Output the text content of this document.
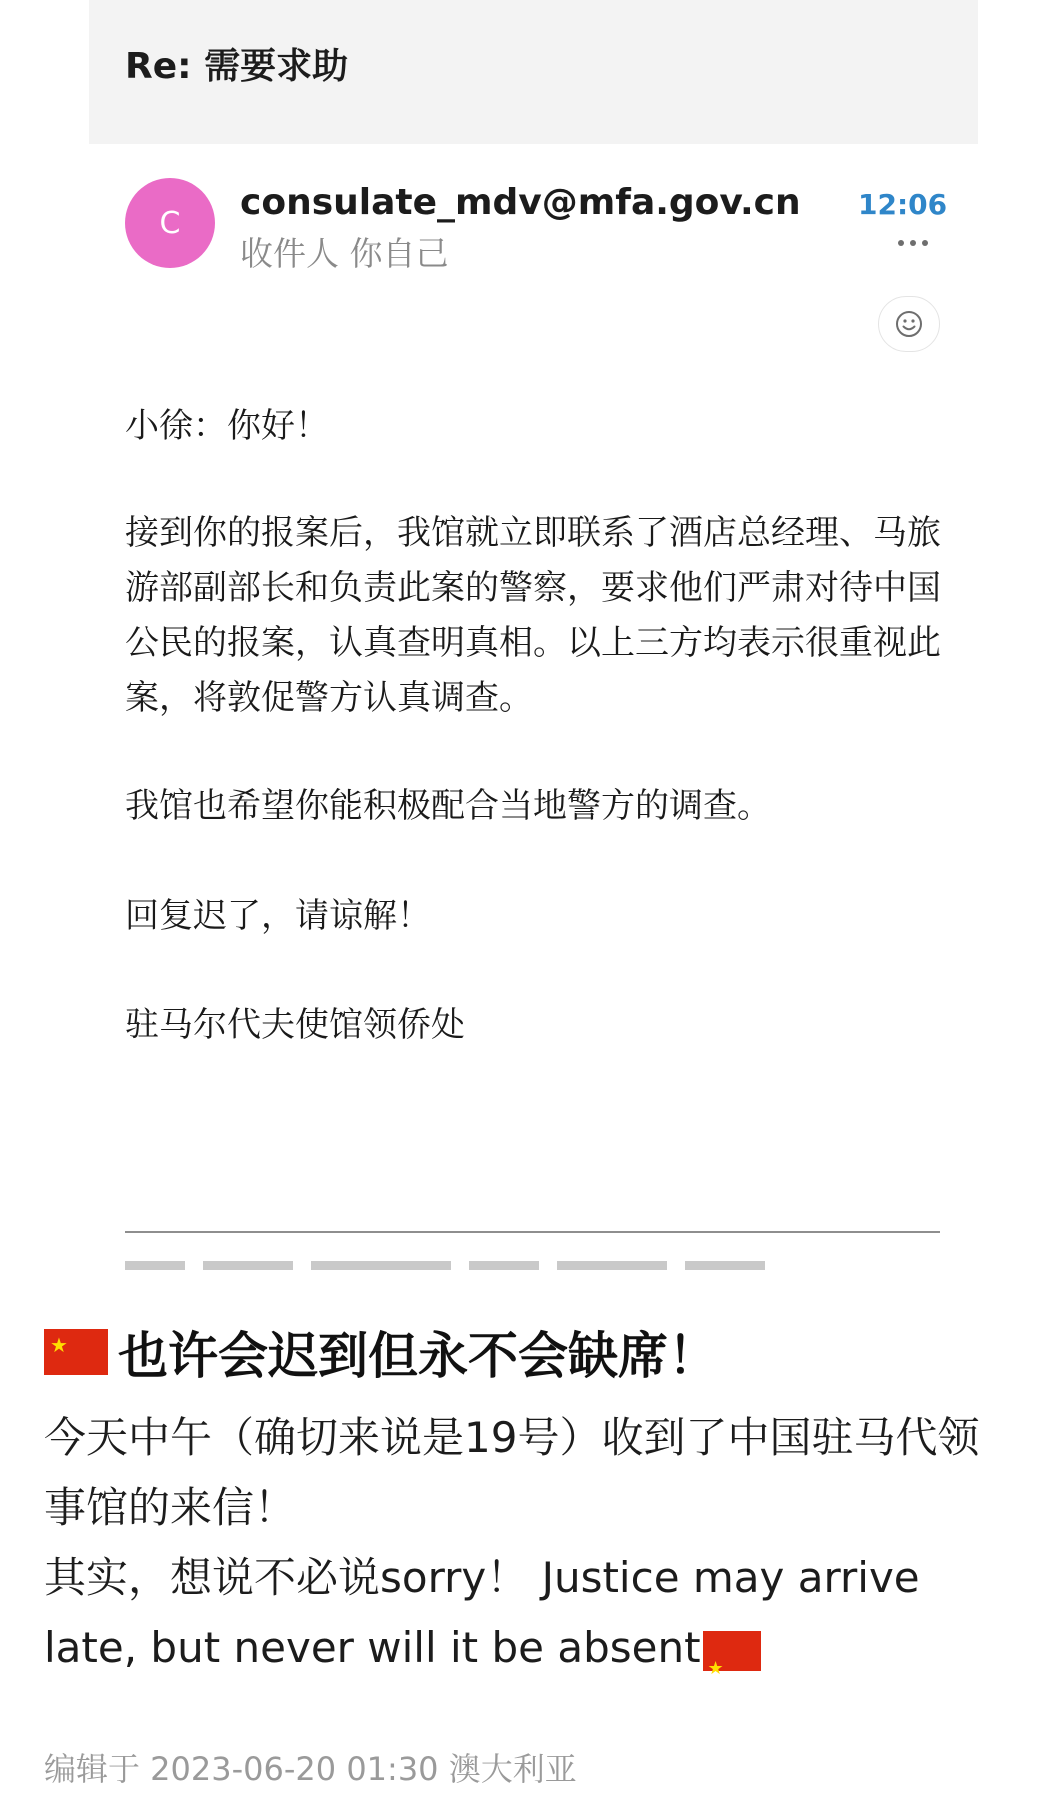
Re: 需要求助
C consulate_mdv@mfa.gov.cn
收件人 你自己
12:06
小徐：你好！
接到你的报案后，我馆就立即联系了酒店总经理、马旅游部副部长和负责此案的警察，要求他们严肃对待中国公民的报案，认真查明真相。以上三方均表示很重视此案，将敦促警方认真调查。
我馆也希望你能积极配合当地警方的调查。
回复迟了，请谅解！
驻马尔代夫使馆领侨处
★
也许会迟到但永不会缺席！
今天中午（确切来说是19号）收到了中国驻马代领事馆的来信！
其实，想说不必说sorry！ Justice may arrive late, but never will it be absent★
编辑于 2023-06-20 01:30 澳大利亚
